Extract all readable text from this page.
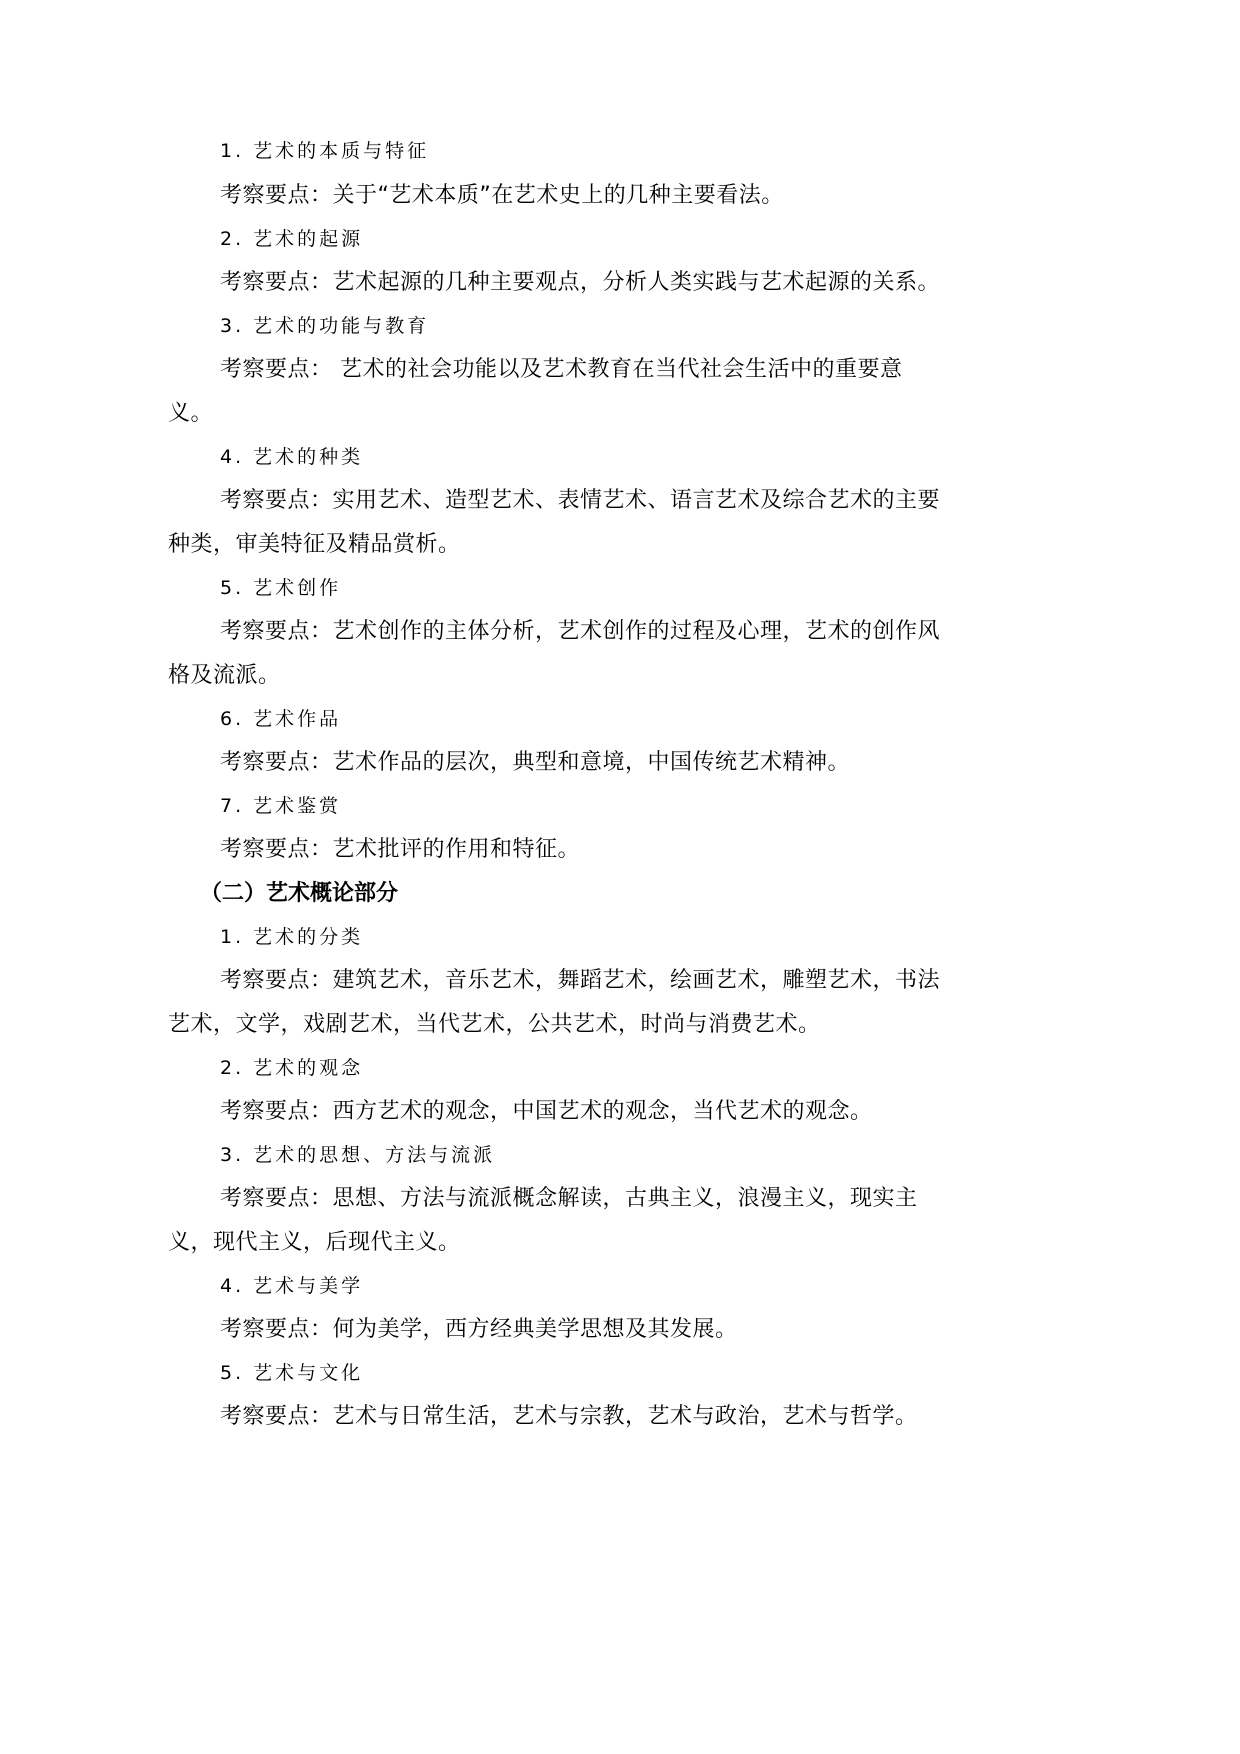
1. 艺术的本质与特征
考察要点：关于“艺术本质”在艺术史上的几种主要看法。
2. 艺术的起源
考察要点：艺术起源的几种主要观点，分析人类实践与艺术起源的关系。
3. 艺术的功能与教育
考察要点： 艺术的社会功能以及艺术教育在当代社会生活中的重要意
义。
4. 艺术的种类
考察要点：实用艺术、造型艺术、表情艺术、语言艺术及综合艺术的主要
种类，审美特征及精品赏析。
5. 艺术创作
考察要点：艺术创作的主体分析，艺术创作的过程及心理，艺术的创作风
格及流派。
6. 艺术作品
考察要点：艺术作品的层次，典型和意境，中国传统艺术精神。
7. 艺术鉴赏
考察要点：艺术批评的作用和特征。
（二）艺术概论部分
1. 艺术的分类
考察要点：建筑艺术，音乐艺术，舞蹈艺术，绘画艺术，雕塑艺术，书法
艺术，文学，戏剧艺术，当代艺术，公共艺术，时尚与消费艺术。
2. 艺术的观念
考察要点：西方艺术的观念，中国艺术的观念，当代艺术的观念。
3. 艺术的思想、方法与流派
考察要点：思想、方法与流派概念解读，古典主义，浪漫主义，现实主
义，现代主义，后现代主义。
4. 艺术与美学
考察要点：何为美学，西方经典美学思想及其发展。
5. 艺术与文化
考察要点：艺术与日常生活，艺术与宗教，艺术与政治，艺术与哲学。
